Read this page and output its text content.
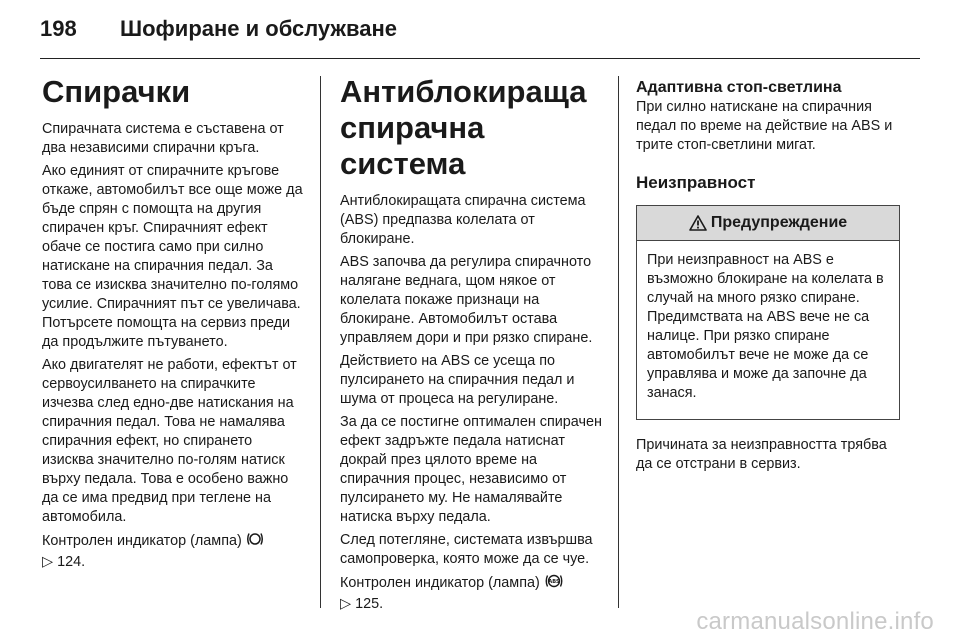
198	Шофиране и обслужване
Спирачки

Спирачната система е съставена от два независими спирачни кръга.

Ако единият от спирачните кръгове откаже, автомобилът все още може да бъде спрян с помощта на другия спирачен кръг. Спирачният ефект обаче се постига само при силно натискане на спирачния педал. За това се изисква значително по-голямо усилие. Спирачният път се увеличава. Потърсете помощта на сервиз преди да продължите пътуването.

Ако двигателят не работи, ефектът от сервоусилването на спирачките изчезва след едно-две натискания на спирачния педал. Това не намалява спирачния ефект, но спирането изисква значително по-голям натиск върху педала. Това е особено важно да се има предвид при теглене на автомобила.

Контролен индикатор (лампа)
▷ 124.

Антиблокираща спирачна система

Антиблокиращата спирачна система (ABS) предпазва колелата от блокиране.

ABS започва да регулира спирачното налягане веднага, щом някое от колелата покаже признаци на блокиране. Автомобилът остава управляем дори и при рязко спиране.

Действието на ABS се усеща по пулсирането на спирачния педал и шума от процеса на регулиране.

За да се постигне оптимален спирачен ефект задръжте педала натиснат докрай през цялото време на спирачния процес, независимо от пулсирането му. Не намалявайте натиска върху педала.

След потегляне, системата извършва самопроверка, която може да се чуе.

Контролен индикатор (лампа) ABS

▷ 125.

Адаптивна стоп-светлина

При силно натискане на спирачния педал по време на действие на ABS и трите стоп-светлини мигат.

Неизправност
Предупреждение

При неизправност на ABS е възможно блокиране на колелата в случай на много рязко спиране. Предимствата на ABS вече не са налице. При рязко спиране автомобилът вече не може да се управлява и може да започне да занася.

Причината за неизправността трябва да се отстрани в сервиз.

carmanualsonline.info
